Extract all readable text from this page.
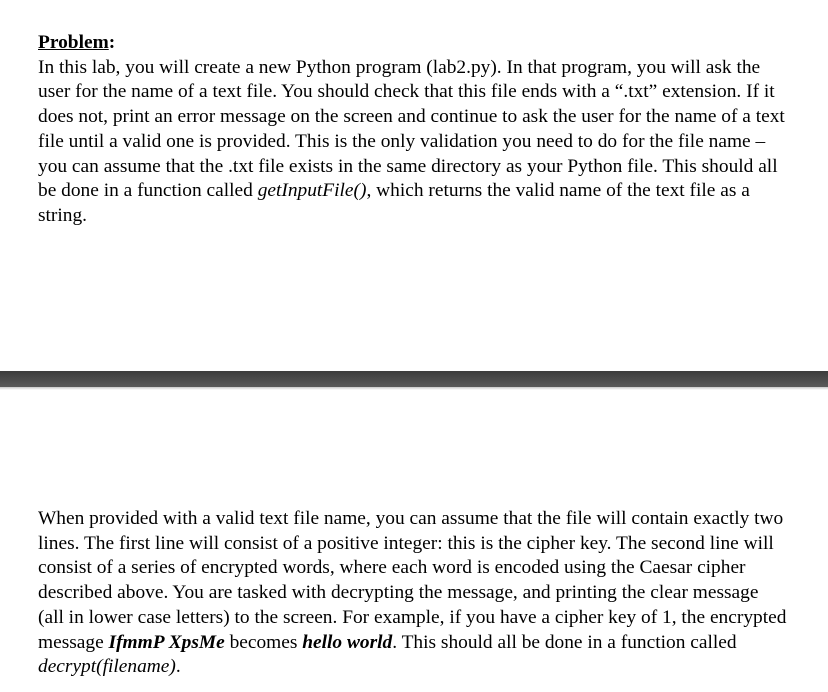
Problem:
In this lab, you will create a new Python program (lab2.py). In that program, you will ask the
user for the name of a text file. You should check that this file ends with a “.txt” extension. If it
does not, print an error message on the screen and continue to ask the user for the name of a text
file until a valid one is provided. This is the only validation you need to do for the file name –
you can assume that the .txt file exists in the same directory as your Python file. This should all
be done in a function called getInputFile(), which returns the valid name of the text file as a
string.
When provided with a valid text file name, you can assume that the file will contain exactly two
lines. The first line will consist of a positive integer: this is the cipher key. The second line will
consist of a series of encrypted words, where each word is encoded using the Caesar cipher
described above. You are tasked with decrypting the message, and printing the clear message
(all in lower case letters) to the screen. For example, if you have a cipher key of 1, the encrypted
message IfmmP XpsMe becomes hello world. This should all be done in a function called
decrypt(filename).
